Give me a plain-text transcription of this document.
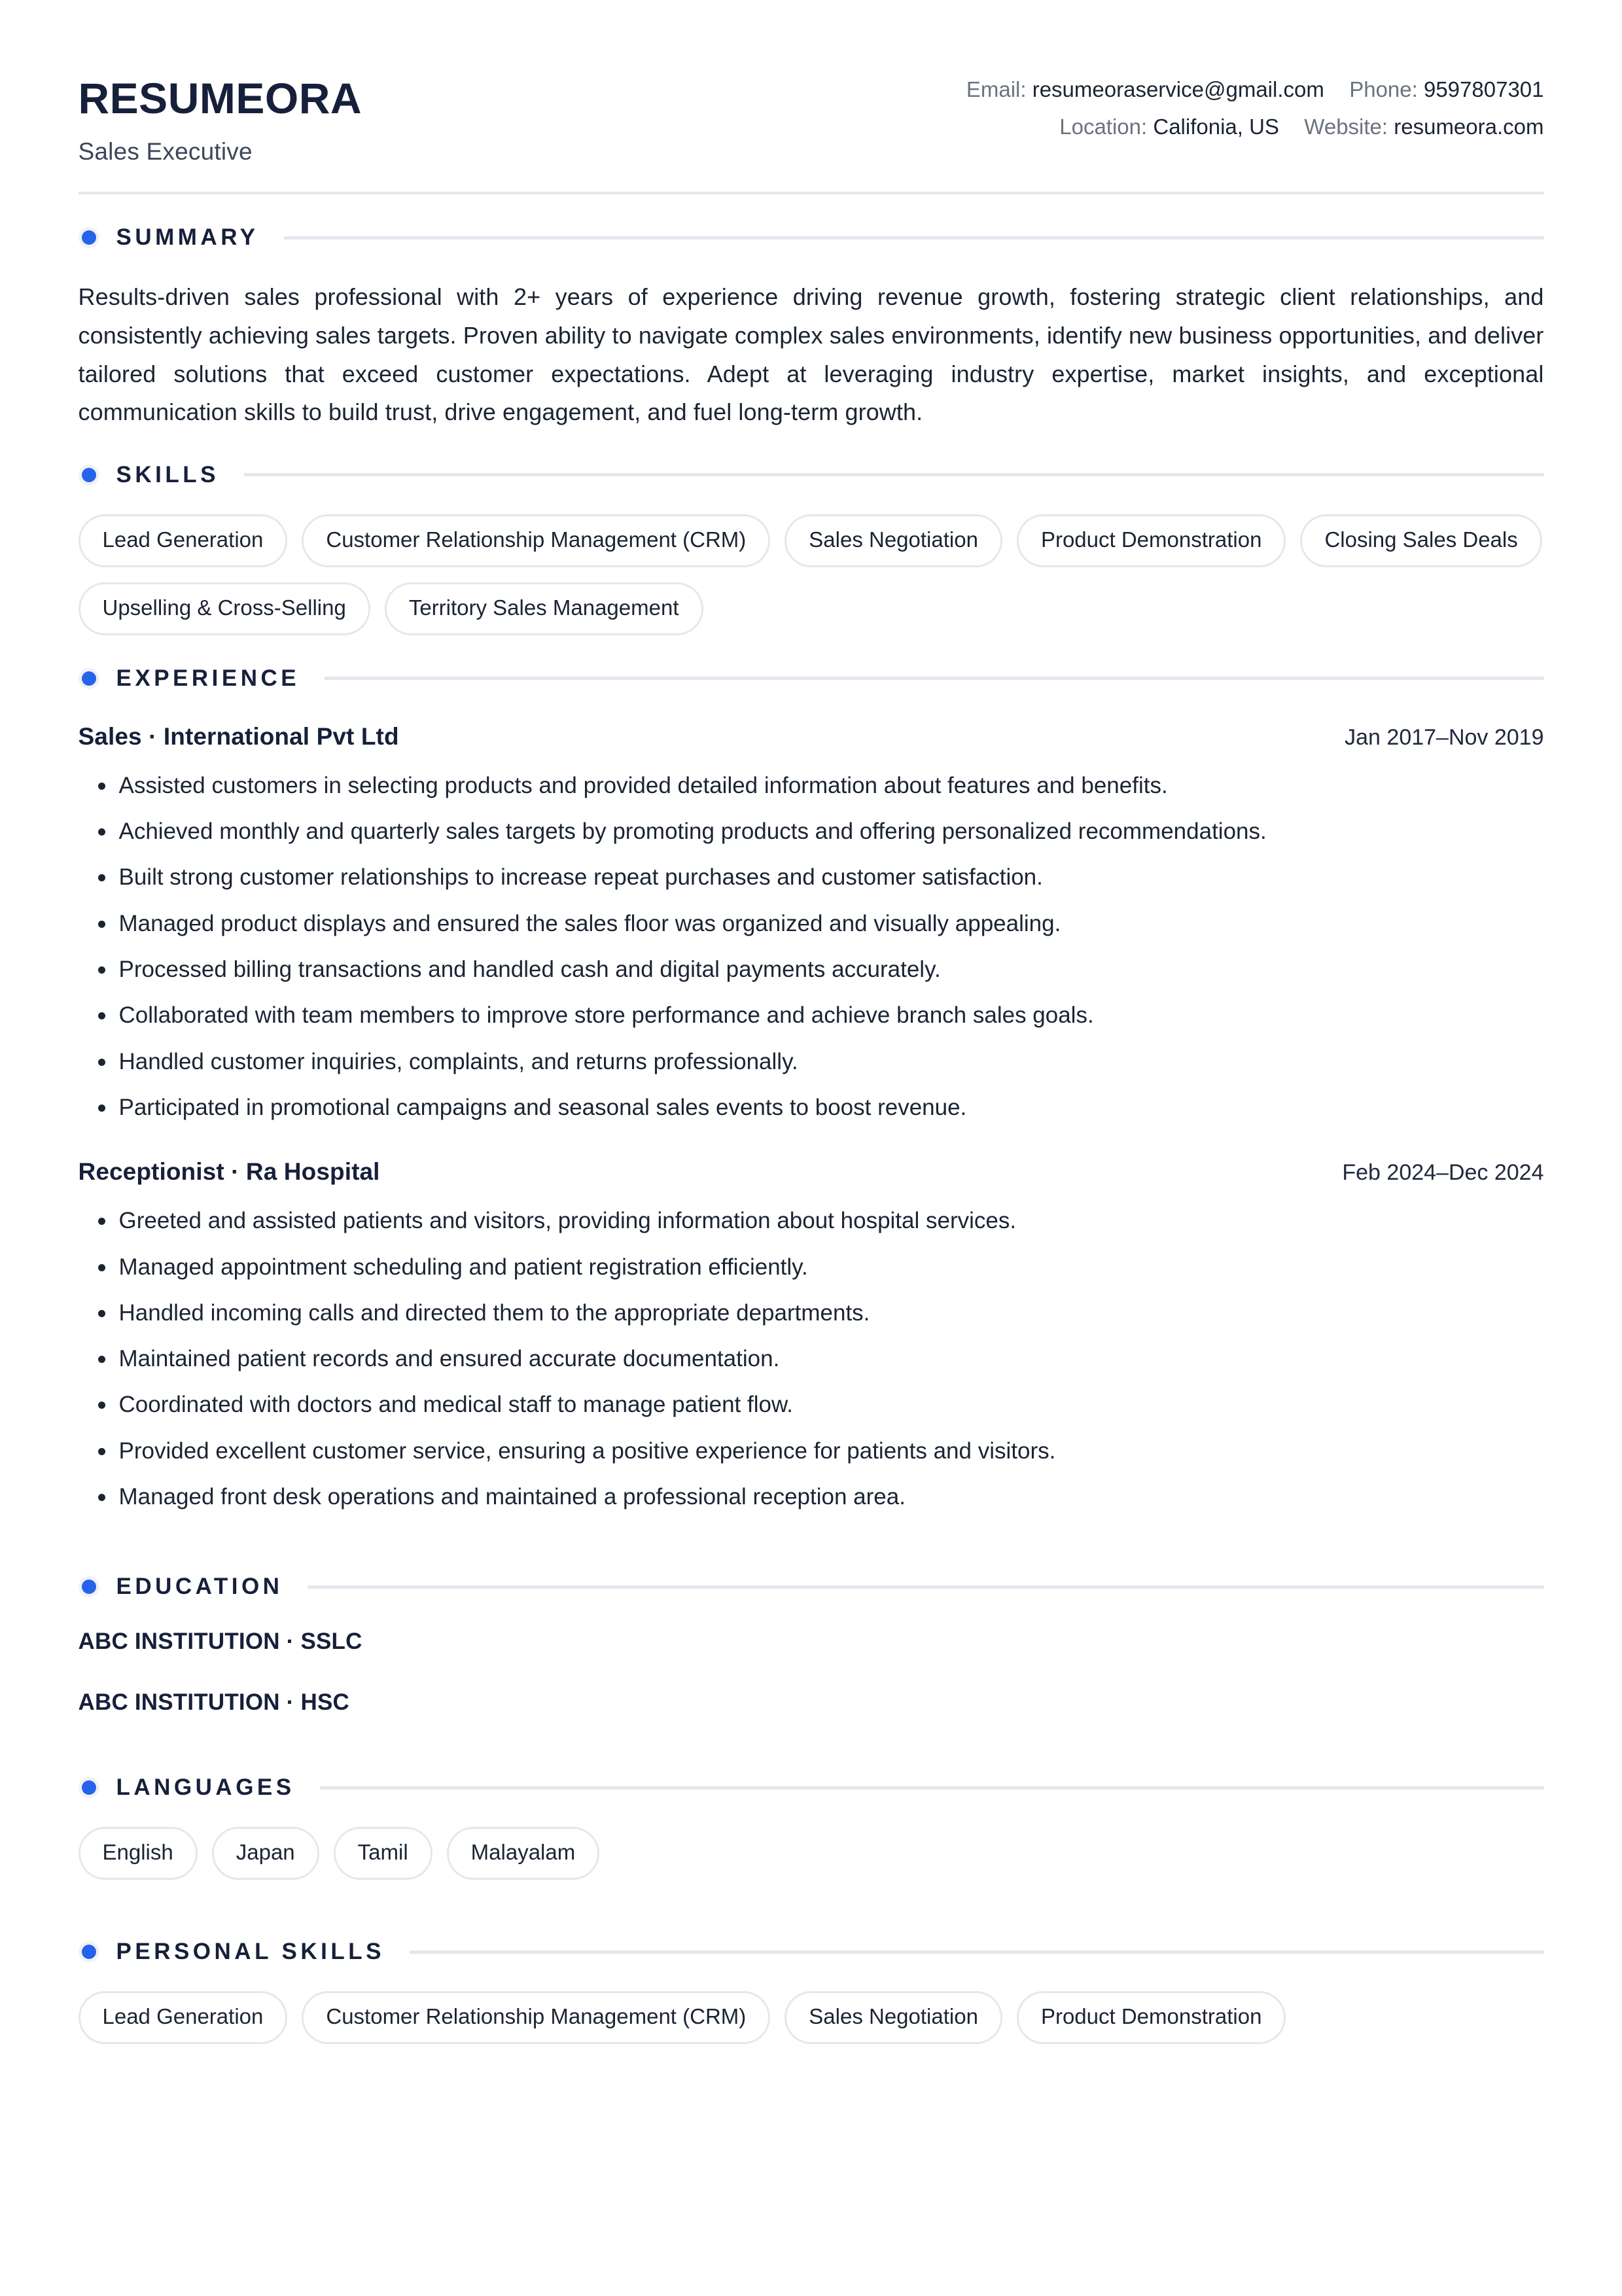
RESUMEORA
Sales Executive
Email: resumeoraservice@gmail.com Phone: 9597807301
Location: Califonia, US Website: resumeora.com
SUMMARY

Results-driven sales professional with 2+ years of experience driving revenue growth, fostering strategic client relationships, and consistently achieving sales targets. Proven ability to navigate complex sales environments, identify new business opportunities, and deliver tailored solutions that exceed customer expectations. Adept at leveraging industry expertise, market insights, and exceptional communication skills to build trust, drive engagement, and fuel long-term growth.

SKILLS
Lead Generation	Customer Relationship Management (CRM)	Sales Negotiation	Product Demonstration	Closing Sales Deals
Upselling & Cross-Selling	Territory Sales Management
EXPERIENCE
Sales · International Pvt Ltd	Jan 2017–Nov 2019
Assisted customers in selecting products and provided detailed information about features and benefits.
Achieved monthly and quarterly sales targets by promoting products and offering personalized recommendations.
Built strong customer relationships to increase repeat purchases and customer satisfaction.
Managed product displays and ensured the sales floor was organized and visually appealing.
Processed billing transactions and handled cash and digital payments accurately.
Collaborated with team members to improve store performance and achieve branch sales goals.
Handled customer inquiries, complaints, and returns professionally.
Participated in promotional campaigns and seasonal sales events to boost revenue.
Receptionist · Ra Hospital	Feb 2024–Dec 2024
Greeted and assisted patients and visitors, providing information about hospital services.
Managed appointment scheduling and patient registration efficiently.
Handled incoming calls and directed them to the appropriate departments.
Maintained patient records and ensured accurate documentation.
Coordinated with doctors and medical staff to manage patient flow.
Provided excellent customer service, ensuring a positive experience for patients and visitors.
Managed front desk operations and maintained a professional reception area.
EDUCATION
ABC INSTITUTION · SSLC
ABC INSTITUTION · HSC
LANGUAGES
English	Japan	Tamil	Malayalam
PERSONAL SKILLS
Lead Generation	Customer Relationship Management (CRM)	Sales Negotiation	Product Demonstration
